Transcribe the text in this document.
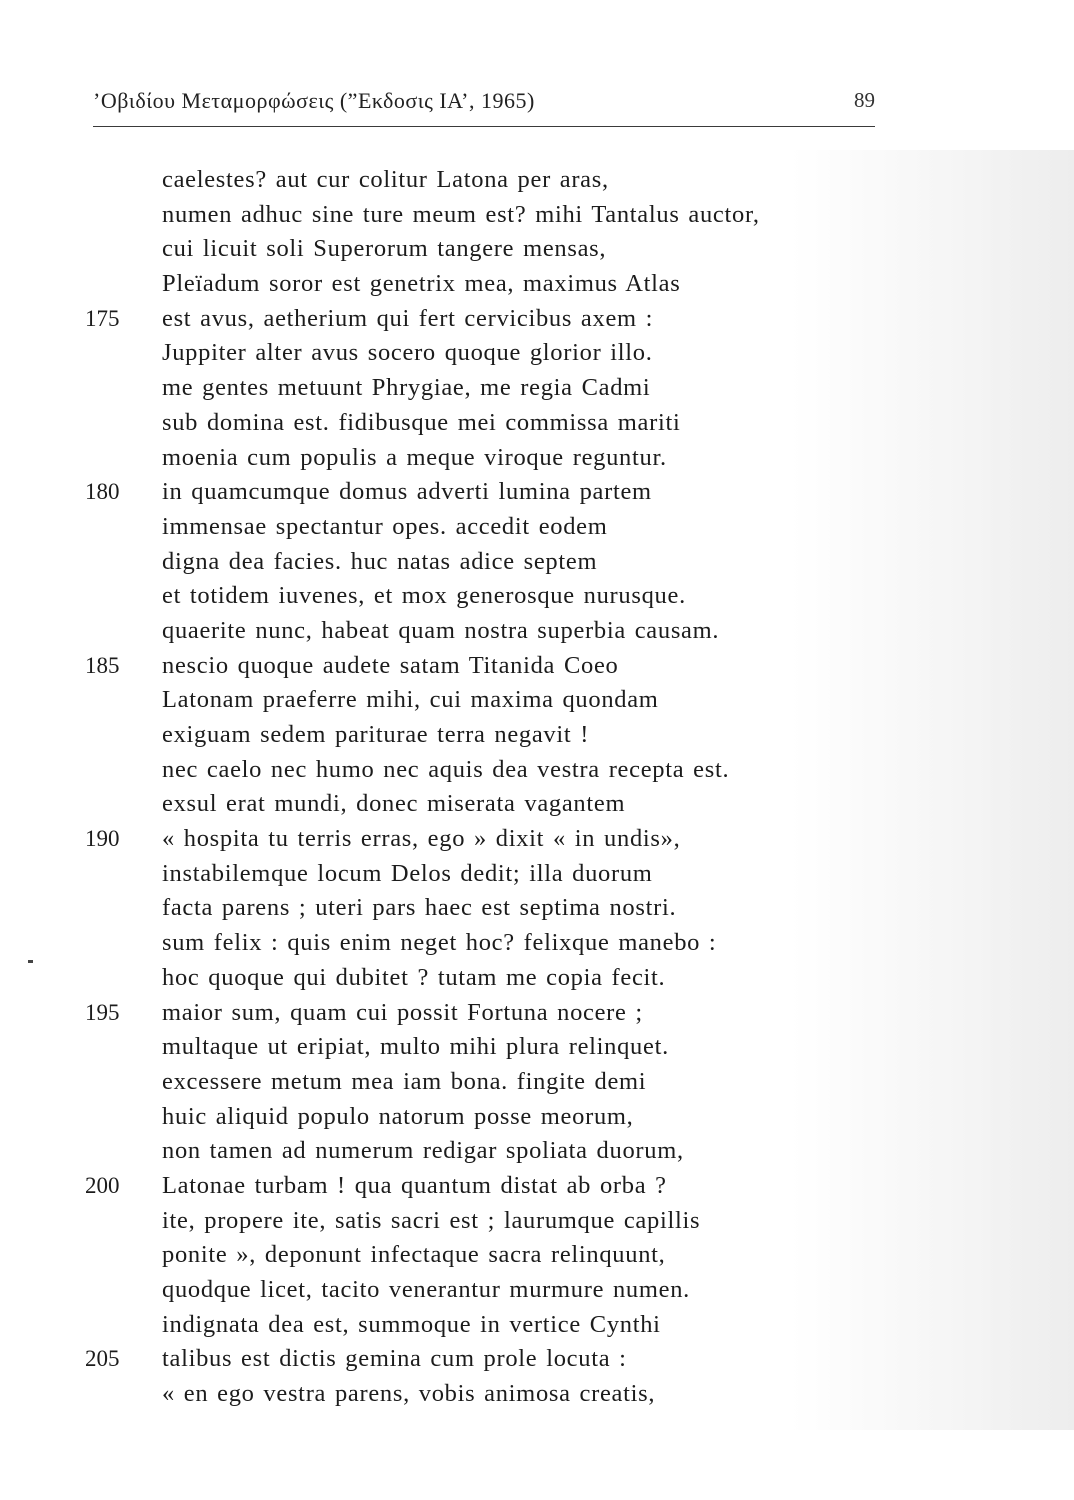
’Οβιδίου Μεταμορφώσεις (”Εκδοσις ΙΑ’, 1965)	89
caelestes? aut cur colitur Latona per aras,
numen adhuc sine ture meum est? mihi Tantalus auctor,
cui licuit soli Superorum tangere mensas,
Pleïadum soror est genetrix mea, maximus Atlas
175	est avus, aetherium qui fert cervicibus axem :
Juppiter alter avus socero quoque glorior illo.
me gentes metuunt Phrygiae, me regia Cadmi
sub domina est. fidibusque mei commissa mariti
moenia cum populis a meque viroque reguntur.
180	in quamcumque domus adverti lumina partem
immensae spectantur opes. accedit eodem
digna dea facies. huc natas adice septem
et totidem iuvenes, et mox generosque nurusque.
quaerite nunc, habeat quam nostra superbia causam.
185	nescio quoque audete satam Titanida Coeo
Latonam praeferre mihi, cui maxima quondam
exiguam sedem pariturae terra negavit !
nec caelo nec humo nec aquis dea vestra recepta est.
exsul erat mundi, donec miserata vagantem
190	« hospita tu terris erras, ego » dixit « in undis»,
instabilemque locum Delos dedit; illa duorum
facta parens ; uteri pars haec est septima nostri.
sum felix : quis enim neget hoc? felixque manebo :
hoc quoque qui dubitet ? tutam me copia fecit.
195	maior sum, quam cui possit Fortuna nocere ;
multaque ut eripiat, multo mihi plura relinquet.
excessere metum mea iam bona. fingite demi
huic aliquid populo natorum posse meorum,
non tamen ad numerum redigar spoliata duorum,
200	Latonae turbam ! qua quantum distat ab orba ?
ite, propere ite, satis sacri est ; laurumque capillis
ponite », deponunt infectaque sacra relinquunt,
quodque licet, tacito venerantur murmure numen.
indignata dea est, summoque in vertice Cynthi
205	talibus est dictis gemina cum prole locuta :
« en ego vestra parens, vobis animosa creatis,
